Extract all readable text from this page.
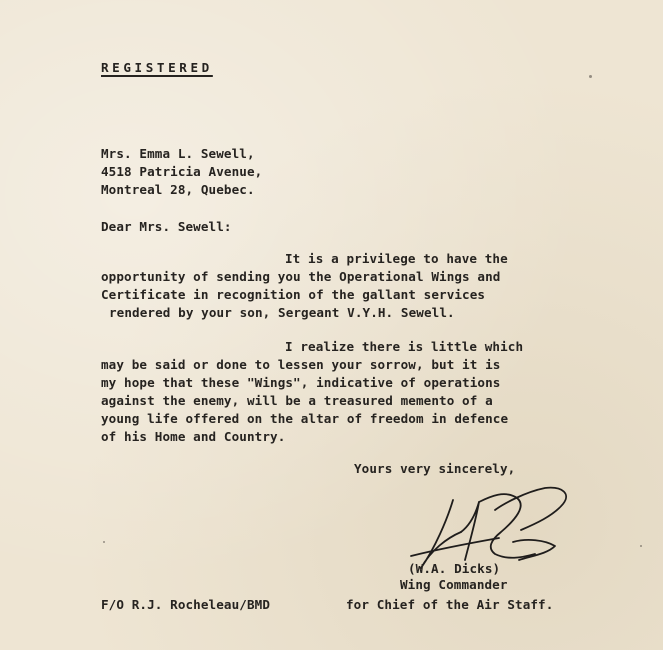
REGISTERED

Mrs. Emma L. Sewell,

4518 Patricia Avenue,

Montreal 28, Quebec.

Dear Mrs. Sewell:

It is a privilege to have the

opportunity of sending you the Operational Wings and

Certificate in recognition of the gallant services

rendered by your son, Sergeant V.Y.H. Sewell.

I realize there is little which

may be said or done to lessen your sorrow, but it is

my hope that these "Wings", indicative of operations

against the enemy, will be a treasured memento of a

young life offered on the altar of freedom in defence

of his Home and Country.

Yours very sincerely,

(W.A. Dicks)

Wing Commander

F/O R.J. Rocheleau/BMD	for Chief of the Air Staff.
